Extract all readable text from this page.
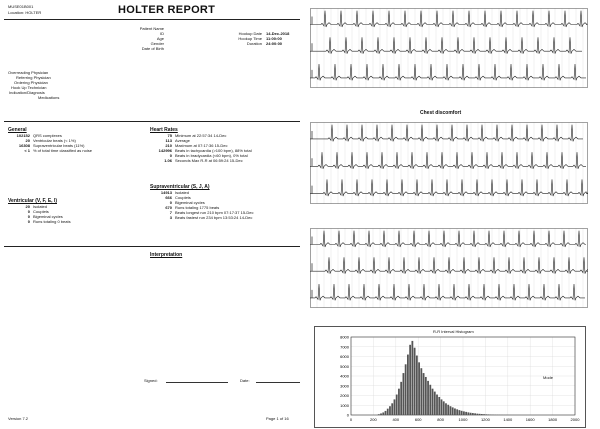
MUSE01B001
Location: HOLTER	HOLTER REPORT
Patient Name
ID
Age
Gender
Date of Birth
Hookup Date 14-Dec-2018
Hookup Time 11:00:00
Duration 24:00:00
Overreading Physician
Referring Physician
Ordering Physician
Hook Up Technician
Indication/Diagnosis
Medications
General
102152 QRS complexes
20 Ventricular beats (< 1%)
16308 Supraventricular beats (11%)
< 1 % of total time classified as noise
Heart Rates
75 Minimum at 22:57:34 14-Dec
113 Average
210 Maximum at 07:17:36 15-Dec
142996 Beats in tachycardia (>100 bpm), 88% total
0 Beats in bradycardia (<60 bpm), 0% total
1.06 Seconds Max R-R at 06:59:24 15-Dec
Supraventricular (S, J, A)
14913 Isolated
666 Couplets
0 Bigeminal cycles
670 Runs totaling 1775 beats
7 Beats longest run 210 bpm 07:17:37 15-Dec
3 Beats fastest run 234 bpm 13:53:24 14-Dec
Ventricular (V, F, E, I)
20 Isolated
0 Couplets
0 Bigeminal cycles
0 Runs totaling 0 beats
Interpretation
Signed:	Date:
Version 7.2	Page 1 of 16
Chest discomfort
R-R Interval Histogram
Mode
8000
7000
6000
5000
4000
3000
2000
1000
0
0	200	400	600	800	1000	1200	1400	1600	1800	2000
